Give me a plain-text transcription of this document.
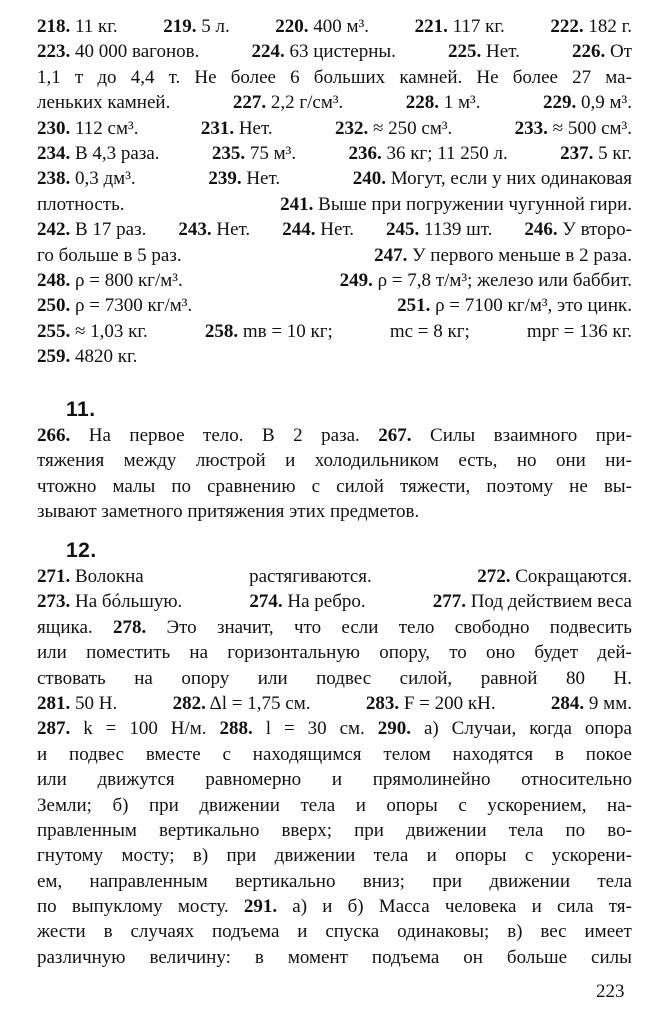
218. 11 кг. 219. 5 л. 220. 400 м³. 221. 117 кг. 222. 182 г.
223. 40 000 вагонов.	224. 63 цистерны.	225. Нет.	226. От
1,1 т до 4,4 т. Не более 6 больших камней. Не более 27 ма-
леньких камней.	227. 2,2 г/см³.	228. 1 м³.	229. 0,9 м³.
230. 112 см³.	231. Нет.	232. ≈ 250 см³.	233. ≈ 500 см³.
234. В 4,3 раза.	235. 75 м³.	236. 36 кг; 11 250 л.	237. 5 кг.
238. 0,3 дм³.	239. Нет.	240. Могут, если у них одинаковая
плотность.	241. Выше при погружении чугунной гири.
242. В 17 раз. 243. Нет. 244. Нет. 245. 1139 шт. 246. У второ-
го больше в 5 раз.	247. У первого меньше в 2 раза.
248. ρ = 800 кг/м³.	249. ρ = 7,8 т/м³; железо или баббит.
250. ρ = 7300 кг/м³.	251. ρ = 7100 кг/м³, это цинк.
255. ≈ 1,03 кг.	258. mв = 10 кг;	mс = 8 кг;	mрг = 136 кг.
259. 4820 кг.
11.
266. На первое тело. В 2 раза. 267. Силы взаимного при-
тяжения между люстрой и холодильником есть, но они ни-
чтожно малы по сравнению с силой тяжести, поэтому не вы-
зывают заметного притяжения этих предметов.
12.
271. Волокна	растягиваются.	272. Сокращаются.
273. На бóльшую.	274. На ребро.	277. Под действием веса
ящика. 278. Это значит, что если тело свободно подвесить
или поместить на горизонтальную опору, то оно будет дей-
ствовать на опору или подвес силой, равной 80 Н.
281. 50 Н.	282. Δl = 1,75 см.	283. F = 200 кН.	284. 9 мм.
287. k = 100 Н/м. 288. l = 30 см. 290. а) Случаи, когда опора
и подвес вместе с находящимся телом находятся в покое
или движутся равномерно и прямолинейно относительно
Земли; б) при движении тела и опоры с ускорением, на-
правленным вертикально вверх; при движении тела по во-
гнутому мосту; в) при движении тела и опоры с ускорени-
ем, направленным вертикально вниз; при движении тела
по выпуклому мосту. 291. а) и б) Масса человека и сила тя-
жести в случаях подъема и спуска одинаковы; в) вес имеет
различную величину: в момент подъема он больше силы
223
